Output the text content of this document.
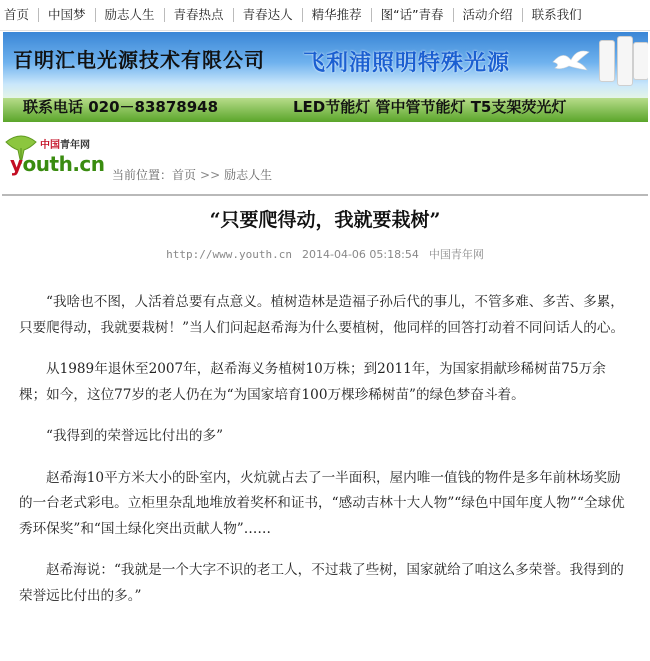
首页	中国梦	励志人生	青春热点	青春达人	精华推荐	图“话”青春	活动介绍	联系我们
百明汇电光源技术有限公司 飞利浦照明特殊光源
联系电话 020－83878948	LED节能灯 管中管节能灯 T5支架荧光灯
中国青年网
youth.cn 当前位置：首页 >> 励志人生
“只要爬得动，我就要栽树”
http://www.youth.cn 2014-04-06 05:18:54 中国青年网

“我啥也不图，人活着总要有点意义。植树造林是造福子孙后代的事儿，不管多难、多苦、多累，只要爬得动，我就要栽树！”当人们问起赵希海为什么要植树，他同样的回答打动着不同问话人的心。

从1989年退休至2007年，赵希海义务植树10万株；到2011年，为国家捐献珍稀树苗75万余棵；如今，这位77岁的老人仍在为“为国家培育100万棵珍稀树苗”的绿色梦奋斗着。

“我得到的荣誉远比付出的多”

赵希海10平方米大小的卧室内，火炕就占去了一半面积，屋内唯一值钱的物件是多年前林场奖励的一台老式彩电。立柜里杂乱地堆放着奖杯和证书，“感动吉林十大人物”“绿色中国年度人物”“全球优秀环保奖”和“国土绿化突出贡献人物”……

赵希海说：“我就是一个大字不识的老工人，不过栽了些树，国家就给了咱这么多荣誉。我得到的荣誉远比付出的多。”
